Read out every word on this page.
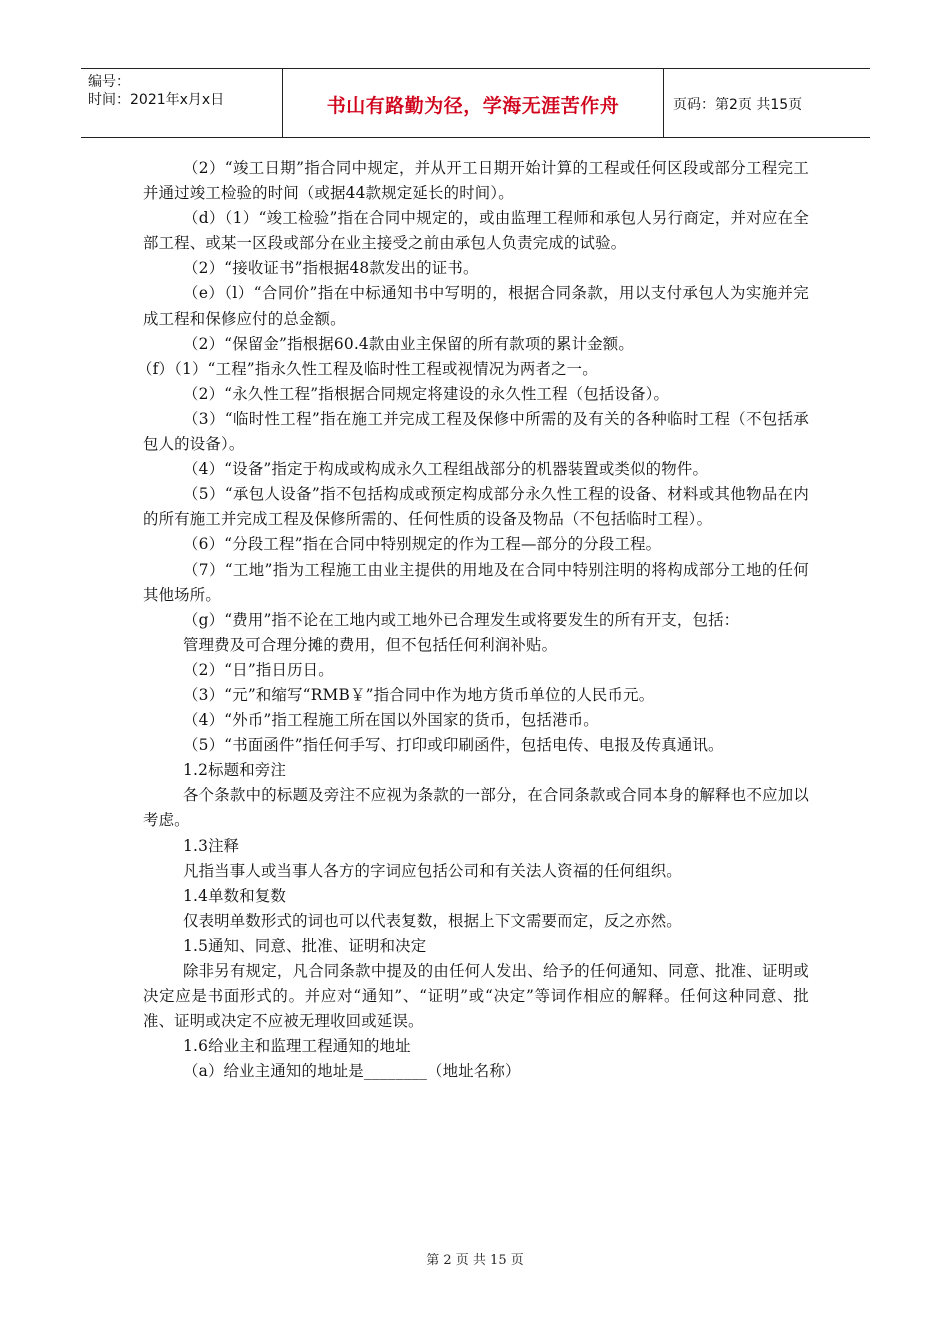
编号：
时间：2021年x月x日	书山有路勤为径，学海无涯苦作舟	页码：第2页 共15页

（2）“竣工日期”指合同中规定，并从开工日期开始计算的工程或任何区段或部分工程完工并通过竣工检验的时间（或据44款规定延长的时间）。

（d）（1）“竣工检验”指在合同中规定的，或由监理工程师和承包人另行商定，并对应在全部工程、或某一区段或部分在业主接受之前由承包人负责完成的试验。

（2）“接收证书”指根据48款发出的证书。

（e）（l）“合同价”指在中标通知书中写明的，根据合同条款，用以支付承包人为实施并完成工程和保修应付的总金额。

（2）“保留金”指根据60.4款由业主保留的所有款项的累计金额。

（f）（1）“工程”指永久性工程及临时性工程或视情况为两者之一。

（2）“永久性工程”指根据合同规定将建设的永久性工程（包括设备）。

（3）“临时性工程”指在施工并完成工程及保修中所需的及有关的各种临时工程（不包括承包人的设备）。

（4）“设备”指定于构成或构成永久工程组战部分的机器装置或类似的物件。

（5）“承包人设备”指不包括构成或预定构成部分永久性工程的设备、材料或其他物品在内的所有施工并完成工程及保修所需的、任何性质的设备及物品（不包括临时工程）。

（6）“分段工程”指在合同中特别规定的作为工程—部分的分段工程。

（7）“工地”指为工程施工由业主提供的用地及在合同中特别注明的将构成部分工地的任何其他场所。

（g）“费用”指不论在工地内或工地外已合理发生或将要发生的所有开支，包括：

管理费及可合理分摊的费用，但不包括任何利润补贴。

（2）“日”指日历日。

（3）“元”和缩写“RMB￥”指合同中作为地方货币单位的人民币元。

（4）“外币”指工程施工所在国以外国家的货币，包括港币。

（5）“书面函件”指任何手写、打印或印刷函件，包括电传、电报及传真通讯。

1.2标题和旁注

各个条款中的标题及旁注不应视为条款的一部分，在合同条款或合同本身的解释也不应加以考虑。

1.3注释

凡指当事人或当事人各方的字词应包括公司和有关法人资福的任何组织。

1.4单数和复数

仅表明单数形式的词也可以代表复数，根据上下文需要而定，反之亦然。

1.5通知、同意、批准、证明和决定

除非另有规定，凡合同条款中提及的由任何人发出、给予的任何通知、同意、批准、证明或决定应是书面形式的。并应对“通知”、“证明”或“决定”等词作相应的解释。任何这种同意、批准、证明或决定不应被无理收回或延误。

1.6给业主和监理工程通知的地址

（a）给业主通知的地址是________（地址名称）

第 2 页 共 15 页
